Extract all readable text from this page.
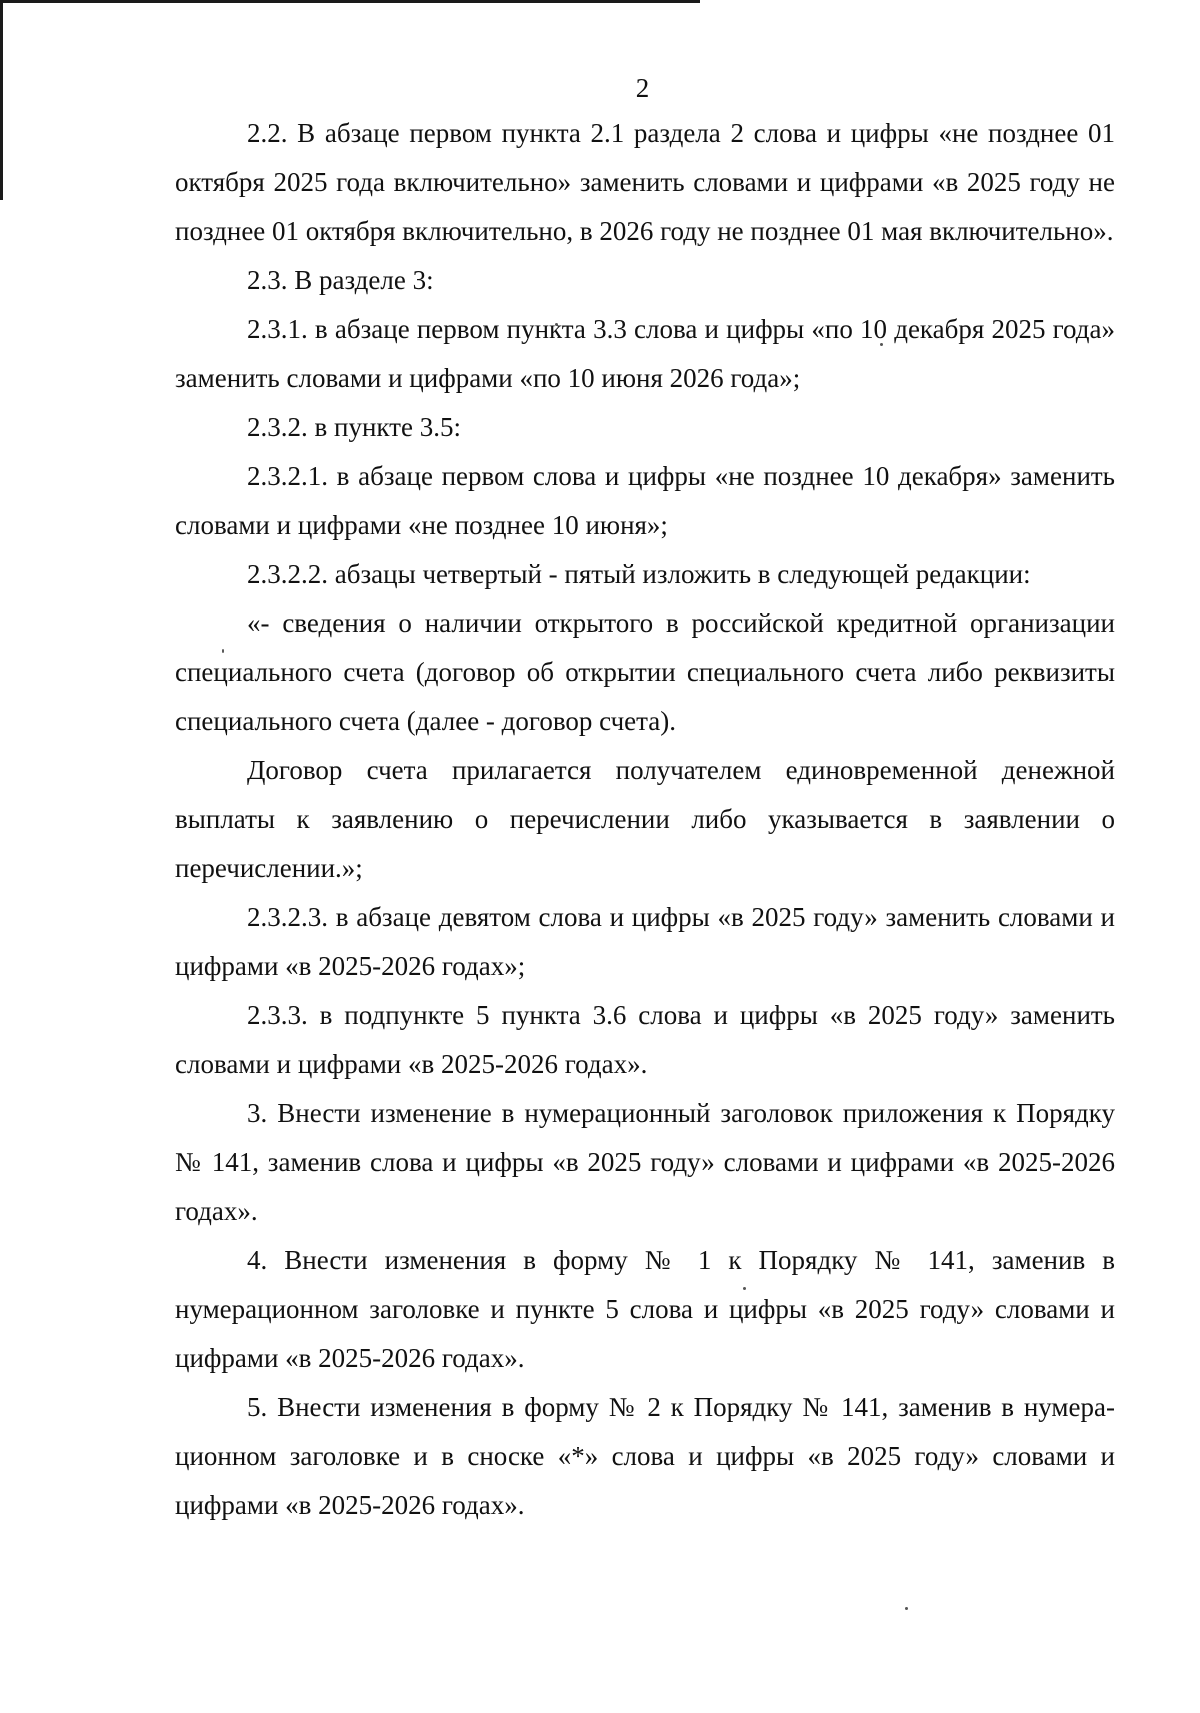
2

2.2. В абзаце первом пункта 2.1 раздела 2 слова и цифры «не позднее 01 октября 2025 года включительно» заменить словами и цифрами «в 2025 году не позднее 01 октября включительно, в 2026 году не позднее 01 мая включительно».

2.3. В разделе 3:

2.3.1. в абзаце первом пункта 3.3 слова и цифры «по 10 декабря 2025 года» заменить словами и цифрами «по 10 июня 2026 года»;

2.3.2. в пункте 3.5:

2.3.2.1. в абзаце первом слова и цифры «не позднее 10 декабря» заменить словами и цифрами «не позднее 10 июня»;

2.3.2.2. абзацы четвертый - пятый изложить в следующей редакции:

«- сведения о наличии открытого в российской кредитной организации специального счета (договор об открытии специального счета либо реквизиты специального счета (далее - договор счета).

Договор счета прилагается получателем единовременной денежной выплаты к заявлению о перечислении либо указывается в заявлении о перечислении.»;

2.3.2.3. в абзаце девятом слова и цифры «в 2025 году» заменить словами и цифрами «в 2025-2026 годах»;

2.3.3. в подпункте 5 пункта 3.6 слова и цифры «в 2025 году» заменить словами и цифрами «в 2025-2026 годах».

3. Внести изменение в нумерационный заголовок приложения к Порядку № 141, заменив слова и цифры «в 2025 году» словами и цифрами «в 2025-2026 годах».

4. Внести изменения в форму № 1 к Порядку № 141, заменив в нумерационном заголовке и пункте 5 слова и цифры «в 2025 году» словами и цифрами «в 2025-2026 годах».

5. Внести изменения в форму № 2 к Порядку № 141, заменив в нумерационном заголовке и в сноске «*» слова и цифры «в 2025 году» словами и цифрами «в 2025-2026 годах».
